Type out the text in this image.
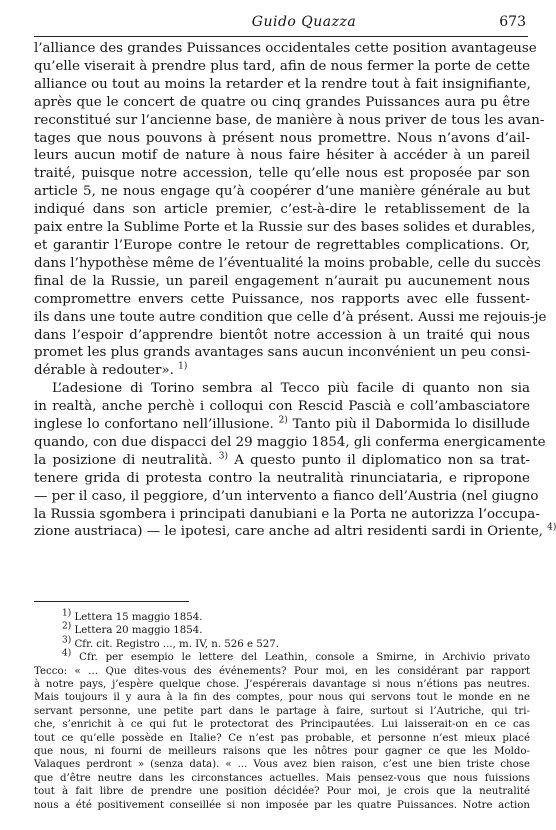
Guido Quazza	673
l’alliance des grandes Puissances occidentales cette position avantageuse
qu’elle viserait à prendre plus tard, afin de nous fermer la porte de cette
alliance ou tout au moins la retarder et la rendre tout à fait insignifiante,
après que le concert de quatre ou cinq grandes Puissances aura pu être
reconstitué sur l’ancienne base, de manière à nous priver de tous les avan-
tages que nous pouvons à présent nous promettre. Nous n’avons d’ail-
leurs aucun motif de nature à nous faire hésiter à accéder à un pareil
traité, puisque notre accession, telle qu’elle nous est proposée par son
article 5, ne nous engage qu’à coopérer d’une manière générale au but
indiqué dans son article premier, c’est-à-dire le retablissement de la
paix entre la Sublime Porte et la Russie sur des bases solides et durables,
et garantir l’Europe contre le retour de regrettables complications. Or,
dans l’hypothèse même de l’éventualité la moins probable, celle du succès
final de la Russie, un pareil engagement n’aurait pu aucunement nous
compromettre envers cette Puissance, nos rapports avec elle fussent-
ils dans une toute autre condition que celle d’à présent. Aussi me rejouis-je
dans l’espoir d’apprendre bientôt notre accession à un traité qui nous
promet les plus grands avantages sans aucun inconvénient un peu consi-
dérable à redouter». $^{1)}$
L’adesione di Torino sembra al Tecco più facile di quanto non sia
in realtà, anche perchè i colloqui con Rescid Pascià e coll’ambasciatore
inglese lo confortano nell’illusione. $^{2)}$ Tanto più il Dabormida lo disillude
quando, con due dispacci del 29 maggio 1854, gli conferma energicamente
la posizione di neutralità. $^{3)}$ A questo punto il diplomatico non sa trat-
tenere grida di protesta contro la neutralità rinunciataria, e ripropone
— per il caso, il peggiore, d’un intervento a fianco dell’Austria (nel giugno
la Russia sgombera i principati danubiani e la Porta ne autorizza l’occupa-
zione austriaca) — le ipotesi, care anche ad altri residenti sardi in Oriente, $^{4)}$
1) Lettera 15 maggio 1854.
2) Lettera 20 maggio 1854.
3) Cfr. cit. Registro ..., m. IV, n. 526 e 527.
4) Cfr. per esempio le lettere del Leathin, console a Smirne, in Archivio privato
Tecco: « ... Que dites-vous des événements? Pour moi, en les considérant par rapport
à notre pays, j’espère quelque chose. J’espérerais davantage si nous n’étions pas neutres.
Mais toujours il y aura à la fin des comptes, pour nous qui servons tout le monde en ne
servant personne, une petite part dans le partage à faire, surtout si l’Autriche, qui tri-
che, s’enrichit à ce qui fut le protectorat des Principautées. Lui laisserait-on en ce cas
tout ce qu’elle possède en Italie? Ce n’est pas probable, et personne n’est mieux placé
que nous, ni fourni de meilleurs raisons que les nôtres pour gagner ce que les Moldo-
Valaques perdront » (senza data). « ... Vous avez bien raison, c’est une bien triste chose
que d’être neutre dans les circonstances actuelles. Mais pensez-vous que nous fuissions
tout à fait libre de prendre une position décidée? Pour moi, je crois que la neutralité
nous a été positivement conseillée si non imposée par les quatre Puissances. Notre action
